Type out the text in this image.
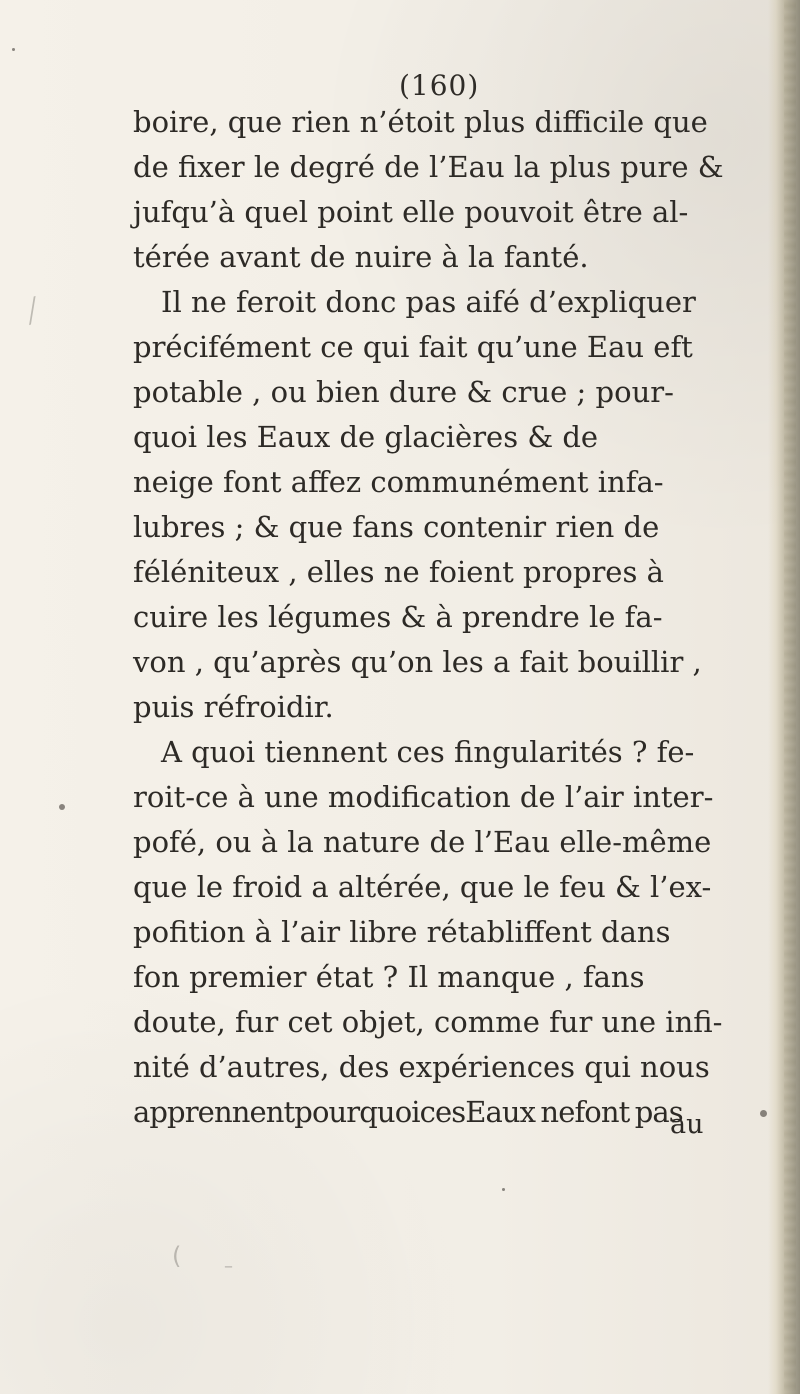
(160)
boire, que rien n’étoit plus difficile que
de fixer le degré de l’Eau la plus pure &
jufqu’à quel point elle pouvoit être al-
térée avant de nuire à la fanté.
Il ne feroit donc pas aifé d’expliquer
précifément ce qui fait qu’une Eau eft
potable , ou bien dure & crue ; pour-
quoi les Eaux de glacières & de
neige font affez communément infa-
lubres ; & que fans contenir rien de
féléniteux , elles ne foient propres à
cuire les légumes & à prendre le fa-
von , qu’après qu’on les a fait bouillir ,
puis réfroidir.
A quoi tiennent ces fingularités ? fe-
roit-ce à une modification de l’air inter-
pofé, ou à la nature de l’Eau elle-même
que le froid a altérée, que le feu & l’ex-
pofition à l’air libre rétabliffent dans
fon premier état ? Il manque , fans
doute, fur cet objet, comme fur une infi-
nité d’autres, des expériences qui nous
apprennentpourquoicesEaux nefont pas
au
╱
( –
